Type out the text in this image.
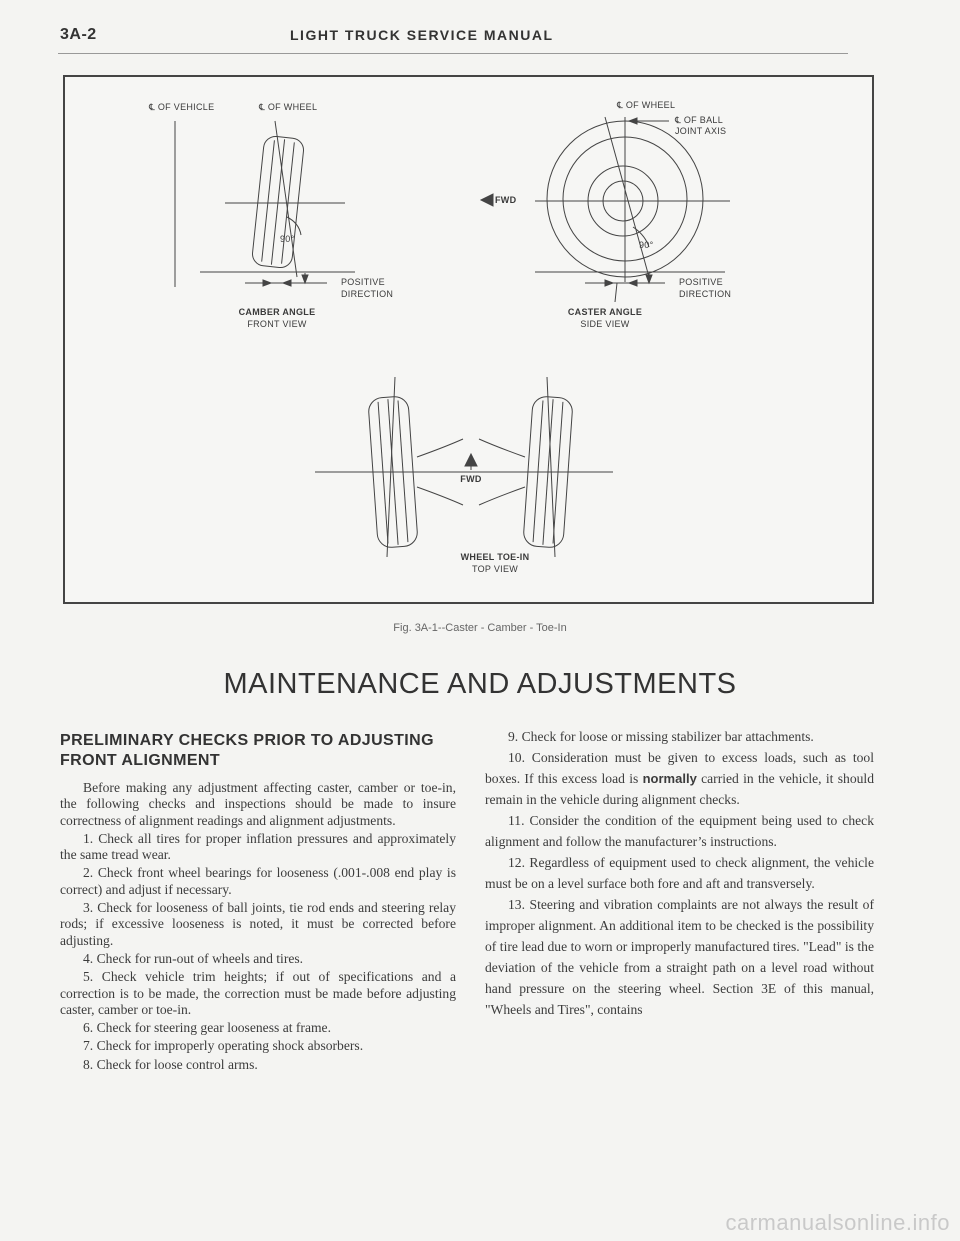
3A-2	LIGHT TRUCK SERVICE MANUAL
℄ OF VEHICLE	℄ OF WHEEL
90°
POSITIVE
DIRECTION
CAMBER ANGLE
FRONT VIEW
℄ OF WHEEL
℄ OF BALL
JOINT AXIS
FWD
90°
POSITIVE
DIRECTION
CASTER ANGLE
SIDE VIEW
FWD
WHEEL TOE-IN
TOP VIEW
Fig. 3A-1--Caster - Camber - Toe-In
MAINTENANCE AND ADJUSTMENTS
PRELIMINARY CHECKS PRIOR TO ADJUSTING FRONT ALIGNMENT

Before making any adjustment affecting caster, camber or toe-in, the following checks and inspections should be made to insure correctness of alignment readings and alignment adjustments.

1. Check all tires for proper inflation pressures and approximately the same tread wear.

2. Check front wheel bearings for looseness (.001-.008 end play is correct) and adjust if necessary.

3. Check for looseness of ball joints, tie rod ends and steering relay rods; if excessive looseness is noted, it must be corrected before adjusting.

4. Check for run-out of wheels and tires.

5. Check vehicle trim heights; if out of specifications and a correction is to be made, the correction must be made before adjusting caster, camber or toe-in.

6. Check for steering gear looseness at frame.

7. Check for improperly operating shock absorbers.

8. Check for loose control arms.

9. Check for loose or missing stabilizer bar attachments.

10. Consideration must be given to excess loads, such as tool boxes. If this excess load is normally carried in the vehicle, it should remain in the vehicle during alignment checks.

11. Consider the condition of the equipment being used to check alignment and follow the manufacturer’s instructions.

12. Regardless of equipment used to check alignment, the vehicle must be on a level surface both fore and aft and transversely.

13. Steering and vibration complaints are not always the result of improper alignment. An additional item to be checked is the possibility of tire lead due to worn or improperly manufactured tires. "Lead" is the deviation of the vehicle from a straight path on a level road without hand pressure on the steering wheel. Section 3E of this manual, "Wheels and Tires", contains

carmanualsonline.info
